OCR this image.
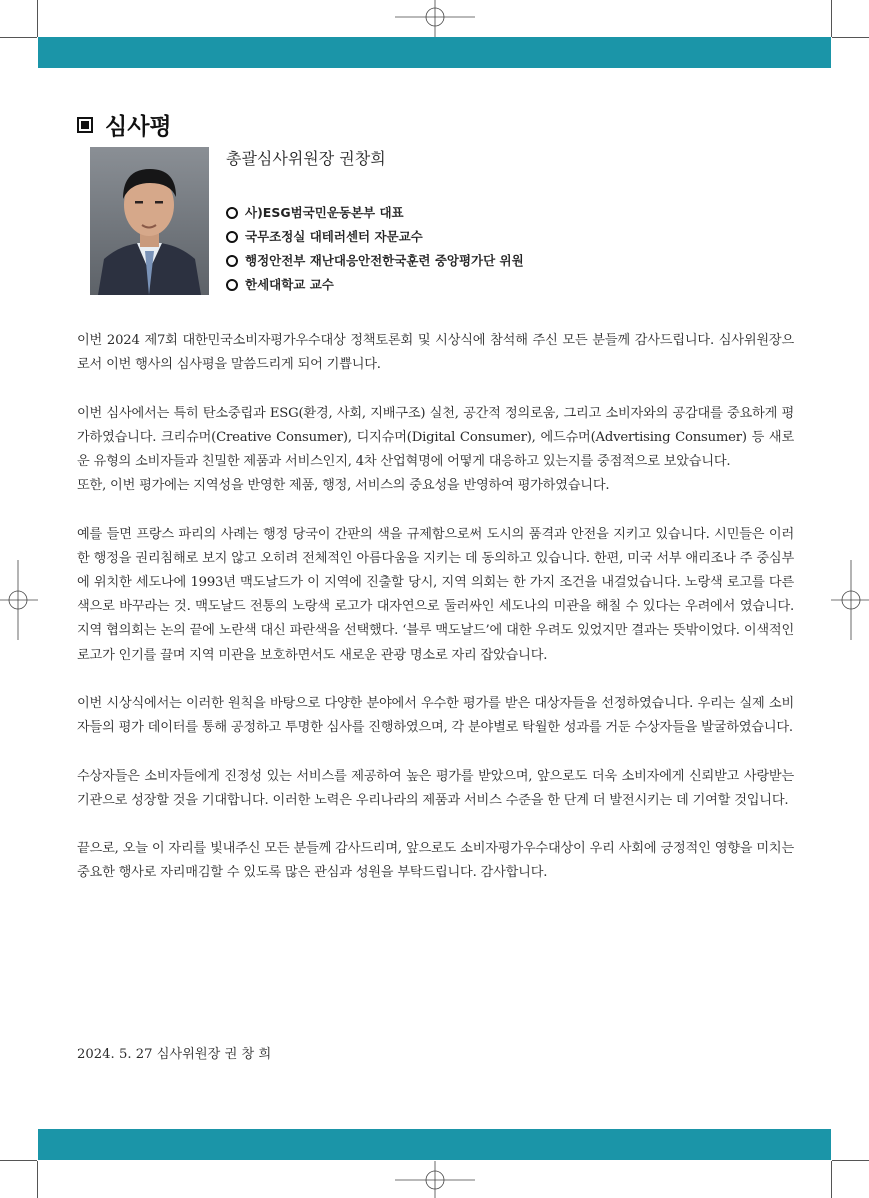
심사평
총괄심사위원장 권창희
사)ESG범국민운동본부 대표
국무조정실 대테러센터 자문교수
행정안전부 재난대응안전한국훈련 중앙평가단 위원
한세대학교 교수

이번 2024 제7회 대한민국소비자평가우수대상 정책토론회 및 시상식에 참석해 주신 모든 분들께 감사드립니다. 심사위원장으로서 이번 행사의 심사평을 말씀드리게 되어 기쁩니다.

이번 심사에서는 특히 탄소중립과 ESG(환경, 사회, 지배구조) 실천, 공간적 정의로움, 그리고 소비자와의 공감대를 중요하게 평가하였습니다. 크리슈머(Creative Consumer), 디지슈머(Digital Consumer), 에드슈머(Advertising Consumer) 등 새로운 유형의 소비자들과 친밀한 제품과 서비스인지, 4차 산업혁명에 어떻게 대응하고 있는지를 중점적으로 보았습니다.

또한, 이번 평가에는 지역성을 반영한 제품, 행정, 서비스의 중요성을 반영하여 평가하였습니다.

예를 들면 프랑스 파리의 사례는 행정 당국이 간판의 색을 규제함으로써 도시의 품격과 안전을 지키고 있습니다. 시민들은 이러한 행정을 권리침해로 보지 않고 오히려 전체적인 아름다움을 지키는 데 동의하고 있습니다. 한편, 미국 서부 애리조나 주 중심부에 위치한 세도나에 1993년 맥도날드가 이 지역에 진출할 당시, 지역 의회는 한 가지 조건을 내걸었습니다. 노랑색 로고를 다른 색으로 바꾸라는 것. 맥도날드 전통의 노랑색 로고가 대자연으로 둘러싸인 세도나의 미관을 해칠 수 있다는 우려에서 였습니다. 지역 협의회는 논의 끝에 노란색 대신 파란색을 선택했다. ‘블루 맥도날드’에 대한 우려도 있었지만 결과는 뜻밖이었다. 이색적인 로고가 인기를 끌며 지역 미관을 보호하면서도 새로운 관광 명소로 자리 잡았습니다.

이번 시상식에서는 이러한 원칙을 바탕으로 다양한 분야에서 우수한 평가를 받은 대상자들을 선정하였습니다. 우리는 실제 소비자들의 평가 데이터를 통해 공정하고 투명한 심사를 진행하였으며, 각 분야별로 탁월한 성과를 거둔 수상자들을 발굴하였습니다.

수상자들은 소비자들에게 진정성 있는 서비스를 제공하여 높은 평가를 받았으며, 앞으로도 더욱 소비자에게 신뢰받고 사랑받는 기관으로 성장할 것을 기대합니다. 이러한 노력은 우리나라의 제품과 서비스 수준을 한 단계 더 발전시키는 데 기여할 것입니다.

끝으로, 오늘 이 자리를 빛내주신 모든 분들께 감사드리며, 앞으로도 소비자평가우수대상이 우리 사회에 긍정적인 영향을 미치는 중요한 행사로 자리매김할 수 있도록 많은 관심과 성원을 부탁드립니다. 감사합니다.

2024. 5. 27 심사위원장 권 창 희
